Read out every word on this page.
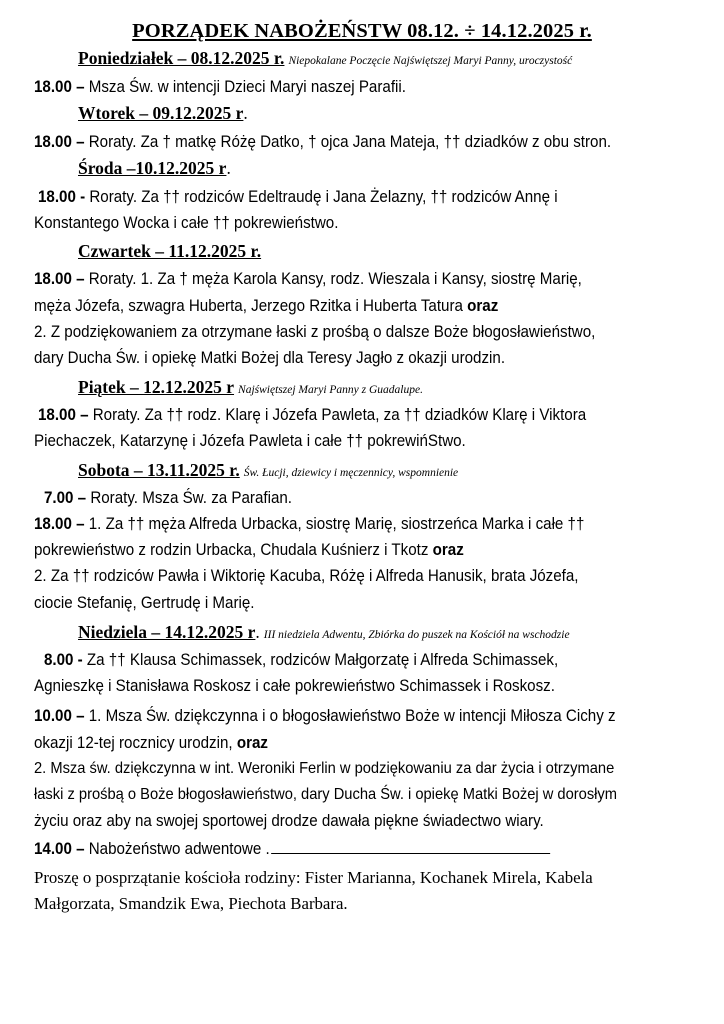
PORZĄDEK NABOŻEŃSTW 08.12. ÷ 14.12.2025 r.
Poniedziałek – 08.12.2025 r. Niepokalane Poczęcie Najświętszej Maryi Panny, uroczystość
18.00 – Msza Św. w intencji Dzieci Maryi naszej Parafii.
Wtorek – 09.12.2025 r.
18.00 – Roraty. Za † matkę Różę Datko, † ojca Jana Mateja, †† dziadków z obu stron.
Środa –10.12.2025 r.
18.00 - Roraty. Za †† rodziców Edeltraudę i Jana Żelazny, †† rodziców Annę i
Konstantego Wocka i całe †† pokrewieństwo.
Czwartek – 11.12.2025 r.
18.00 – Roraty. 1. Za † męża Karola Kansy, rodz. Wieszala i Kansy, siostrę Marię,
męża Józefa, szwagra Huberta, Jerzego Rzitka i Huberta Tatura oraz
2. Z podziękowaniem za otrzymane łaski z prośbą o dalsze Boże błogosławieństwo,
dary Ducha Św. i opiekę Matki Bożej dla Teresy Jagło z okazji urodzin.
Piątek – 12.12.2025 r Najświętszej Maryi Panny z Guadalupe.
18.00 – Roraty. Za †† rodz. Klarę i Józefa Pawleta, za †† dziadków Klarę i Viktora
Piechaczek, Katarzynę i Józefa Pawleta i całe †† pokrewińStwo.
Sobota – 13.11.2025 r. Św. Łucji, dziewicy i męczennicy, wspomnienie
7.00 – Roraty. Msza Św. za Parafian.
18.00 – 1. Za †† męża Alfreda Urbacka, siostrę Marię, siostrzeńca Marka i całe ††
pokrewieństwo z rodzin Urbacka, Chudala Kuśnierz i Tkotz oraz
2. Za †† rodziców Pawła i Wiktorię Kacuba, Różę i Alfreda Hanusik, brata Józefa,
ciocie Stefanię, Gertrudę i Marię.
Niedziela – 14.12.2025 r. III niedziela Adwentu, Zbiórka do puszek na Kościół na wschodzie
8.00 - Za †† Klausa Schimassek, rodziców Małgorzatę i Alfreda Schimassek,
Agnieszkę i Stanisława Roskosz i całe pokrewieństwo Schimassek i Roskosz.
10.00 – 1. Msza Św. dziękczynna i o błogosławieństwo Boże w intencji Miłosza Cichy z
okazji 12-tej rocznicy urodzin, oraz
2. Msza św. dziękczynna w int. Weroniki Ferlin w podziękowaniu za dar życia i otrzymane
łaski z prośbą o Boże błogosławieństwo, dary Ducha Św. i opiekę Matki Bożej w dorosłym
życiu oraz aby na swojej sportowej drodze dawała piękne świadectwo wiary.
14.00 – Nabożeństwo adwentowe .
Proszę o posprzątanie kościoła rodziny: Fister Marianna, Kochanek Mirela, Kabela
Małgorzata, Smandzik Ewa, Piechota Barbara.
